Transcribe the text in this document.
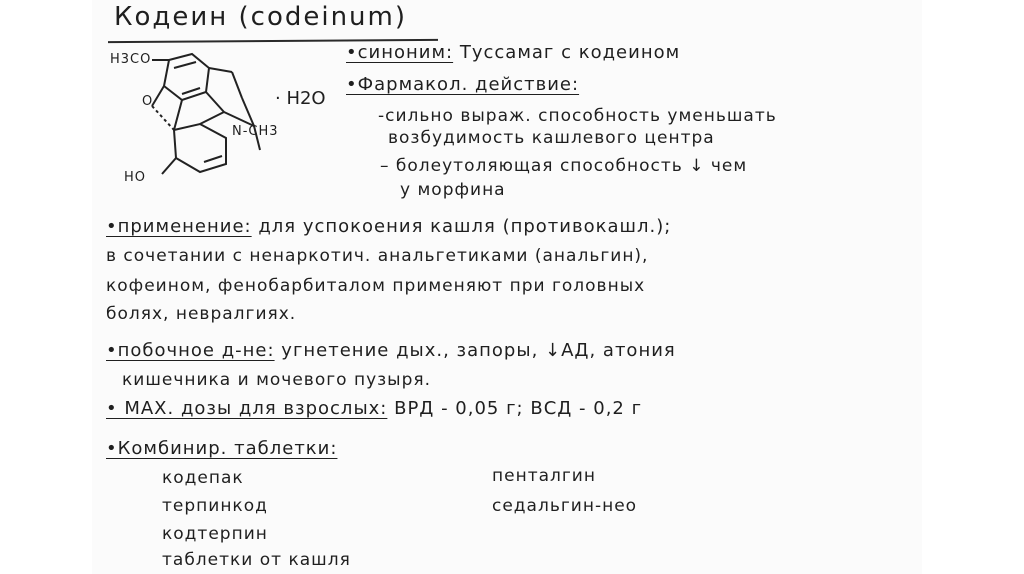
Кодеин (codeinum)
H3CO
O
N-CH3
HO
· H2O
•синоним: Туссамаг с кодеином
•Фармакол. действие:
-сильно выраж. способность уменьшать
возбудимость кашлевого центра
– болеутоляющая способность ↓ чем
у морфина
•применение: для успокоения кашля (противокашл.);
в сочетании с ненаркотич. анальгетиками (анальгин),
кофеином, фенобарбиталом применяют при головных
болях, невралгиях.
•побочное д-не: угнетение дых., запоры, ↓АД, атония
кишечника и мочевого пузыря.
• MAX. дозы для взрослых: ВРД - 0,05 г; ВСД - 0,2 г
•Комбинир. таблетки:
кодепак
терпинкод
кодтерпин
таблетки от кашля
пенталгин
седальгин-нео
